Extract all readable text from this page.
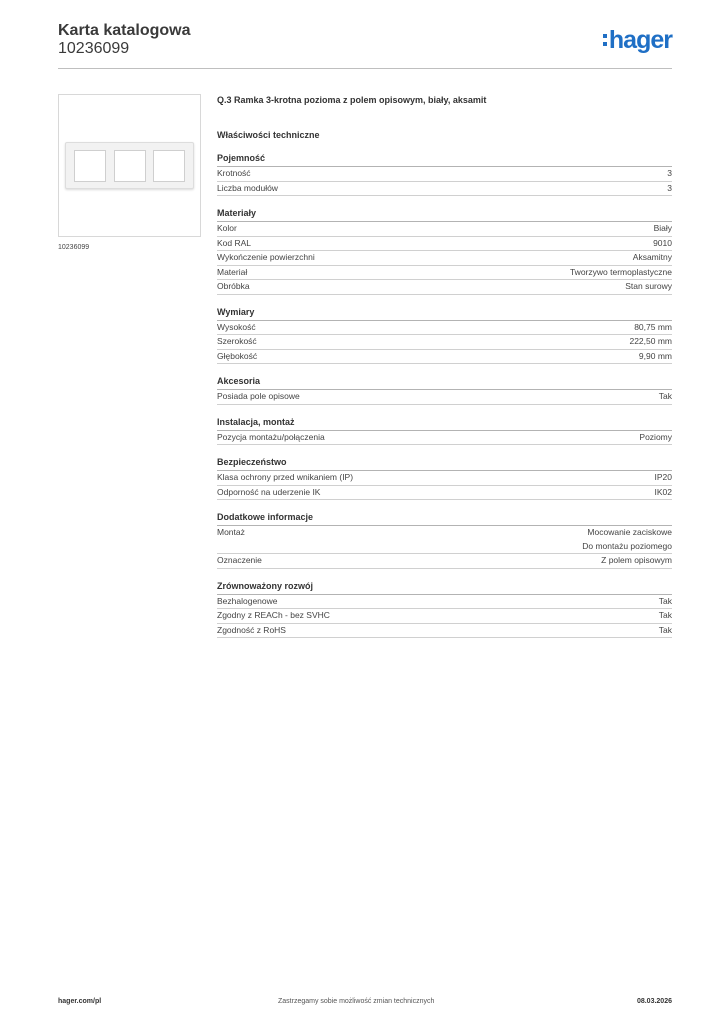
Karta katalogowa
10236099	hager
10236099
Q.3 Ramka 3-krotna pozioma z polem opisowym, biały, aksamit
Właściwości techniczne
Pojemność
Krotność	3
Liczba modułów	3
Materiały
Kolor	Biały
Kod RAL	9010
Wykończenie powierzchni	Aksamitny
Materiał	Tworzywo termoplastyczne
Obróbka	Stan surowy
Wymiary
Wysokość	80,75 mm
Szerokość	222,50 mm
Głębokość	9,90 mm
Akcesoria
Posiada pole opisowe	Tak
Instalacja, montaż
Pozycja montażu/połączenia	Poziomy
Bezpieczeństwo
Klasa ochrony przed wnikaniem (IP)	IP20
Odporność na uderzenie IK	IK02
Dodatkowe informacje
Montaż	Mocowanie zaciskowe
Do montażu poziomego
Oznaczenie	Z polem opisowym
Zrównoważony rozwój
Bezhalogenowe	Tak
Zgodny z REACh - bez SVHC	Tak
Zgodność z RoHS	Tak
hager.com/pl	Zastrzegamy sobie możliwość zmian technicznych	08.03.2026
